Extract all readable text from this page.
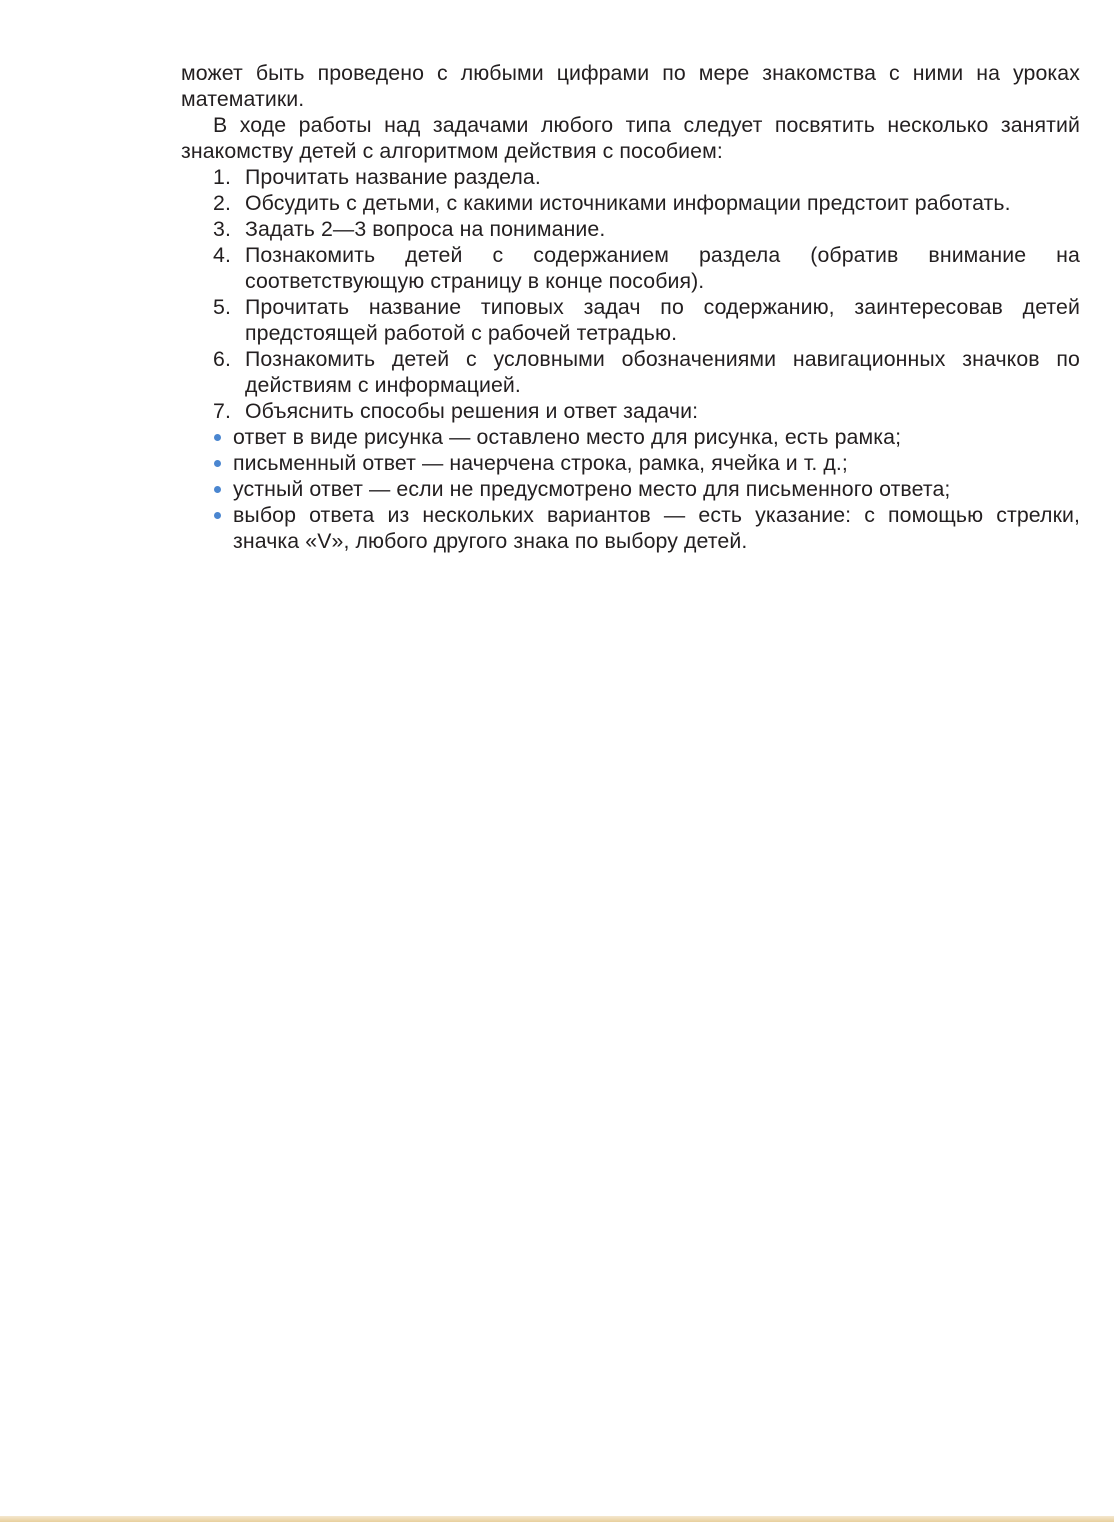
может быть проведено с любыми цифрами по мере знакомства с ними на уроках математики.

В ходе работы над задачами любого типа следует посвятить несколько занятий знакомству детей с алгоритмом действия с пособием:

1. Прочитать название раздела.
2. Обсудить с детьми, с какими источниками информации предстоит работать.
3. Задать 2—3 вопроса на понимание.
4. Познакомить детей с содержанием раздела (обратив внимание на соответствующую страницу в конце пособия).
5. Прочитать название типовых задач по содержанию, заинтересовав детей предстоящей работой с рабочей тетрадью.
6. Познакомить детей с условными обозначениями навигационных значков по действиям с информацией.
7. Объяснить способы решения и ответ задачи:
ответ в виде рисунка — оставлено место для рисунка, есть рамка;
письменный ответ — начерчена строка, рамка, ячейка и т. д.;
устный ответ — если не предусмотрено место для письменного ответа;
выбор ответа из нескольких вариантов — есть указание: с помощью стрелки, значка «V», любого другого знака по выбору детей.
